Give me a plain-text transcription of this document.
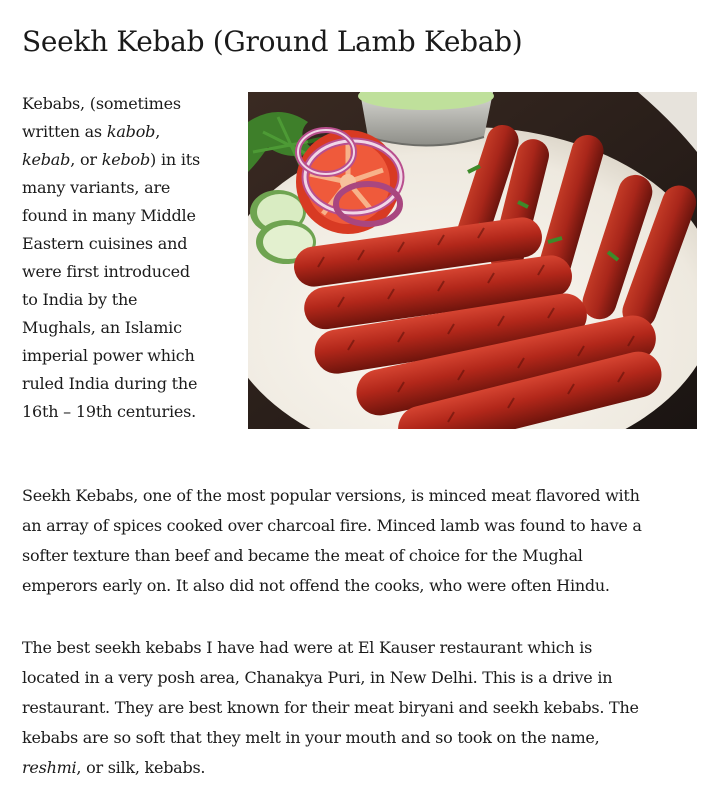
Seekh Kebab (Ground Lamb Kebab)

Kebabs, (sometimes
written as kabob,
kebab, or kebob) in its
many variants, are
found in many Middle
Eastern cuisines and
were first introduced
to India by the
Mughals, an Islamic
imperial power which
ruled India during the
16th – 19th centuries.

Seekh Kebabs, one of the most popular versions, is minced meat flavored with
an array of spices cooked over charcoal fire. Minced lamb was found to have a
softer texture than beef and became the meat of choice for the Mughal
emperors early on. It also did not offend the cooks, who were often Hindu.

The best seekh kebabs I have had were at El Kauser restaurant which is
located in a very posh area, Chanakya Puri, in New Delhi. This is a drive in
restaurant. They are best known for their meat biryani and seekh kebabs. The
kebabs are so soft that they melt in your mouth and so took on the name,
reshmi, or silk, kebabs.
